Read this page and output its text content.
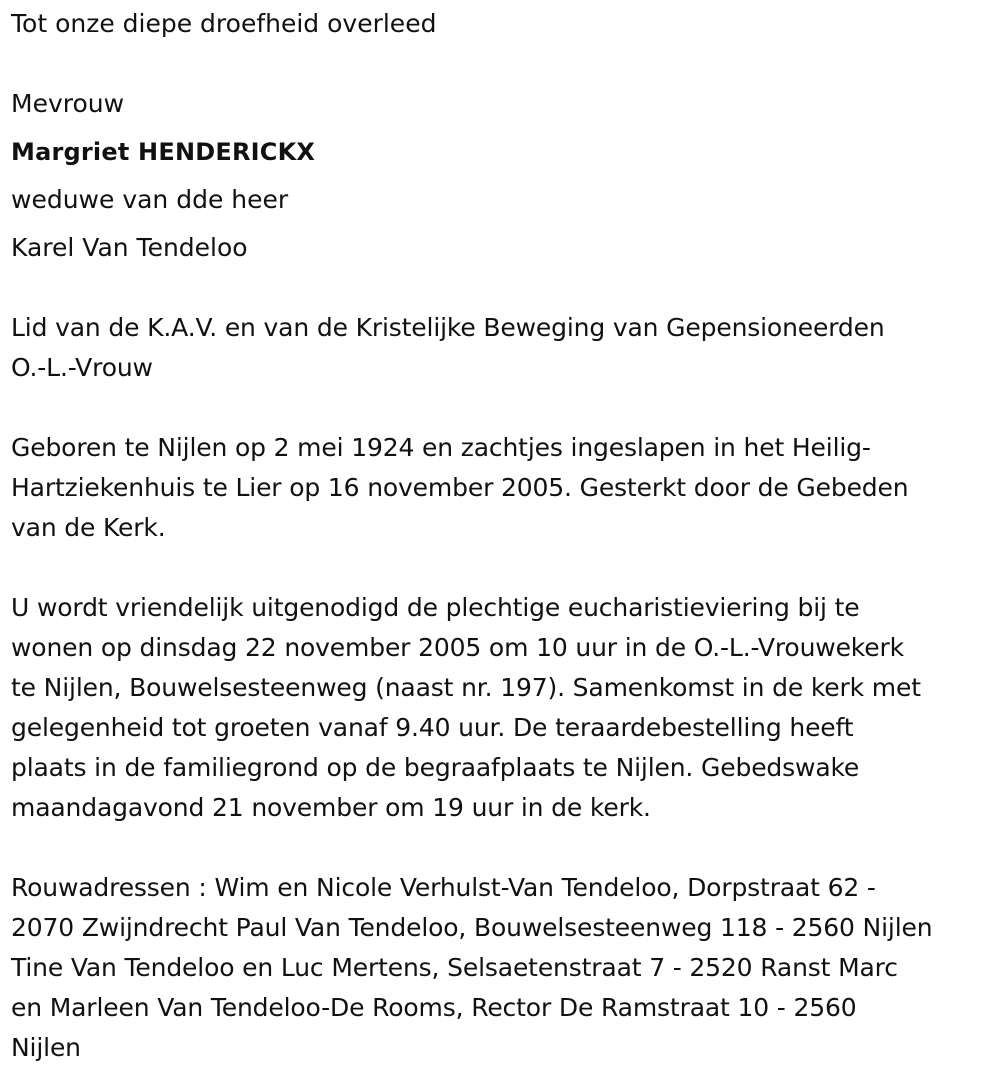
Tot onze diepe droefheid overleed
Mevrouw
Margriet HENDERICKX
weduwe van dde heer
Karel Van Tendeloo
Lid van de K.A.V. en van de Kristelijke Beweging van Gepensioneerden
O.-L.-Vrouw
Geboren te Nijlen op 2 mei 1924 en zachtjes ingeslapen in het Heilig-
Hartziekenhuis te Lier op 16 november 2005. Gesterkt door de Gebeden
van de Kerk.
U wordt vriendelijk uitgenodigd de plechtige eucharistieviering bij te
wonen op dinsdag 22 november 2005 om 10 uur in de O.-L.-Vrouwekerk
te Nijlen, Bouwelsesteenweg (naast nr. 197). Samenkomst in de kerk met
gelegenheid tot groeten vanaf 9.40 uur. De teraardebestelling heeft
plaats in de familiegrond op de begraafplaats te Nijlen. Gebedswake
maandagavond 21 november om 19 uur in de kerk.
Rouwadressen : Wim en Nicole Verhulst-Van Tendeloo, Dorpstraat 62 -
2070 Zwijndrecht Paul Van Tendeloo, Bouwelsesteenweg 118 - 2560 Nijlen
Tine Van Tendeloo en Luc Mertens, Selsaetenstraat 7 - 2520 Ranst Marc
en Marleen Van Tendeloo-De Rooms, Rector De Ramstraat 10 - 2560
Nijlen
